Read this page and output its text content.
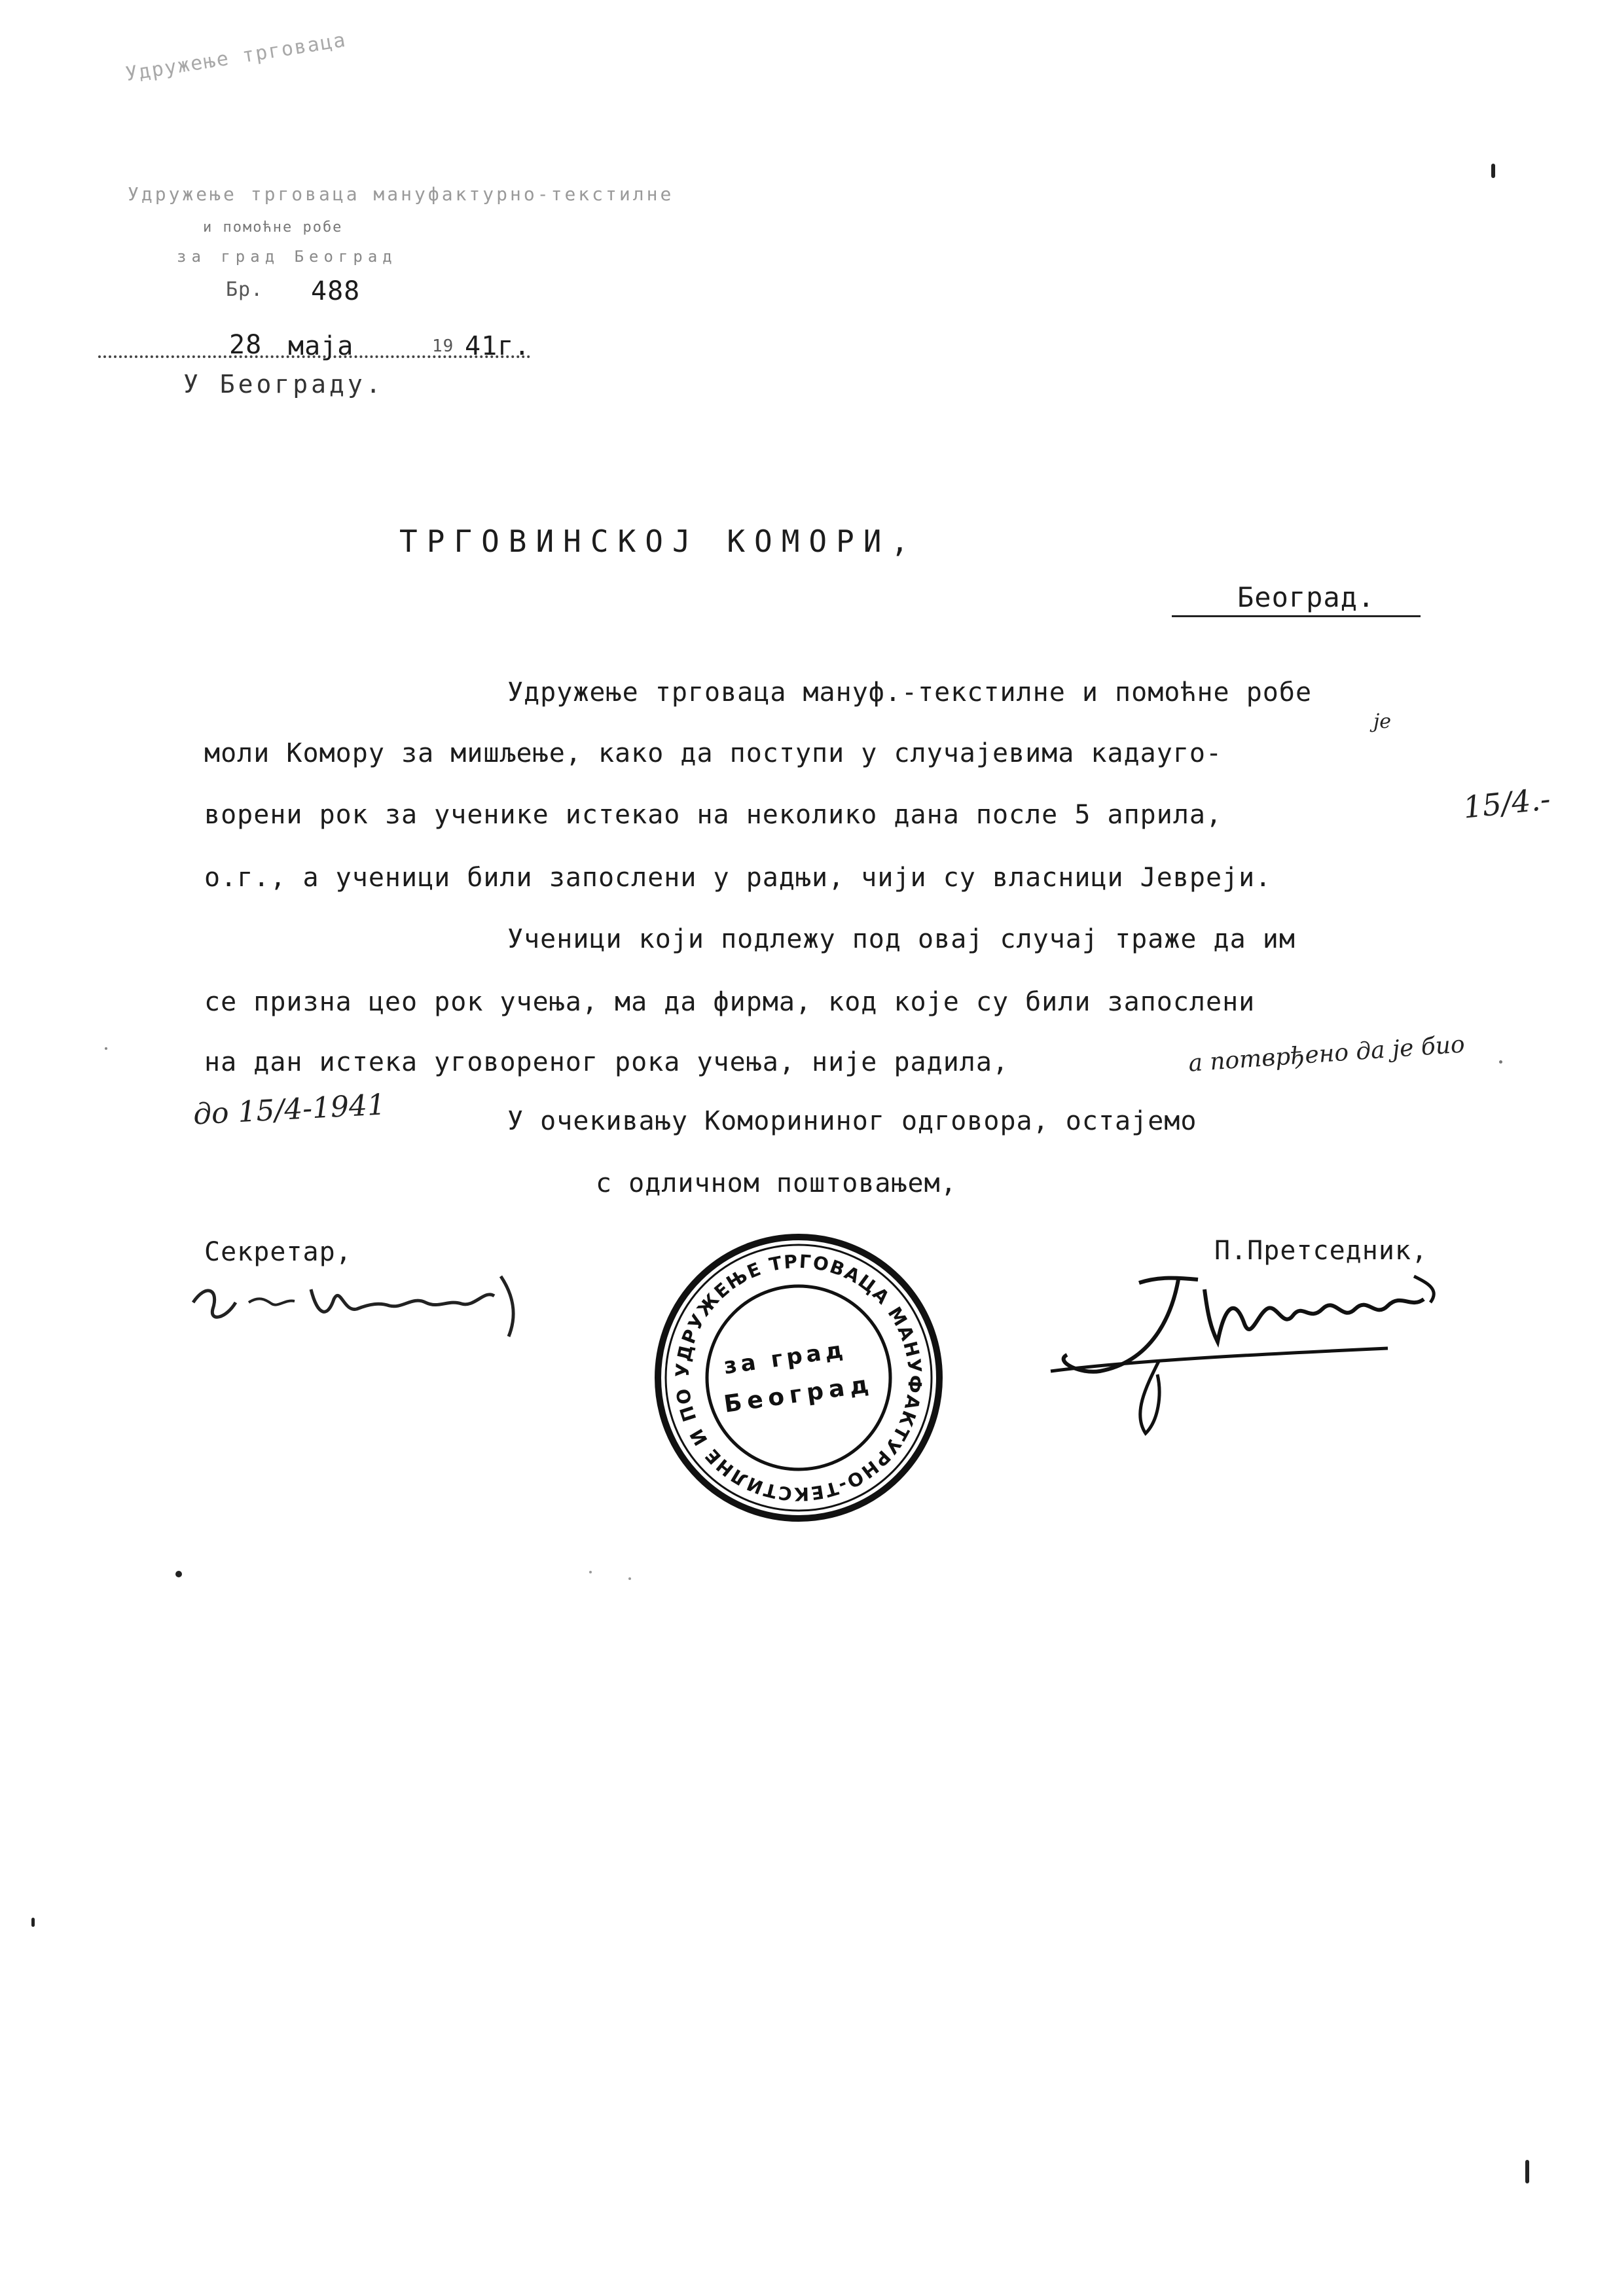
Удружење трговаца
Удружење трговаца мануфактурно-текстилне
и помоћне робе
за град Београд
Бр. 488
28 маја	19 41г.
У Београду.
ТРГОВИНСКОЈ КОМОРИ,
Београд.
Удружење трговаца мануф.-текстилне и помоћне робе
моли Комору за мишљење, како да поступи у случајевима кадауго-
је
ворени рок за ученике истекао на неколико дана после 5 априла,	15/4.-
о.г., а ученици били запослени у радњи, чији су власници Јевреји.
Ученици који подлежу под овај случај траже да им
се призна цео рок учења, ма да фирма, код које су били запослени
на дан истека уговореног рока учења, није радила,	а потврђено да је био
до 15/4-1941	У очекивању Коморининог одговора, остајемо
с одличном поштовањем,
Секретар,	П.Претседник,
УДРУЖЕЊЕ ТРГОВАЦА МАНУФАКТУРНО-ТЕКСТИЛНЕ И ПО
за град
Београд
